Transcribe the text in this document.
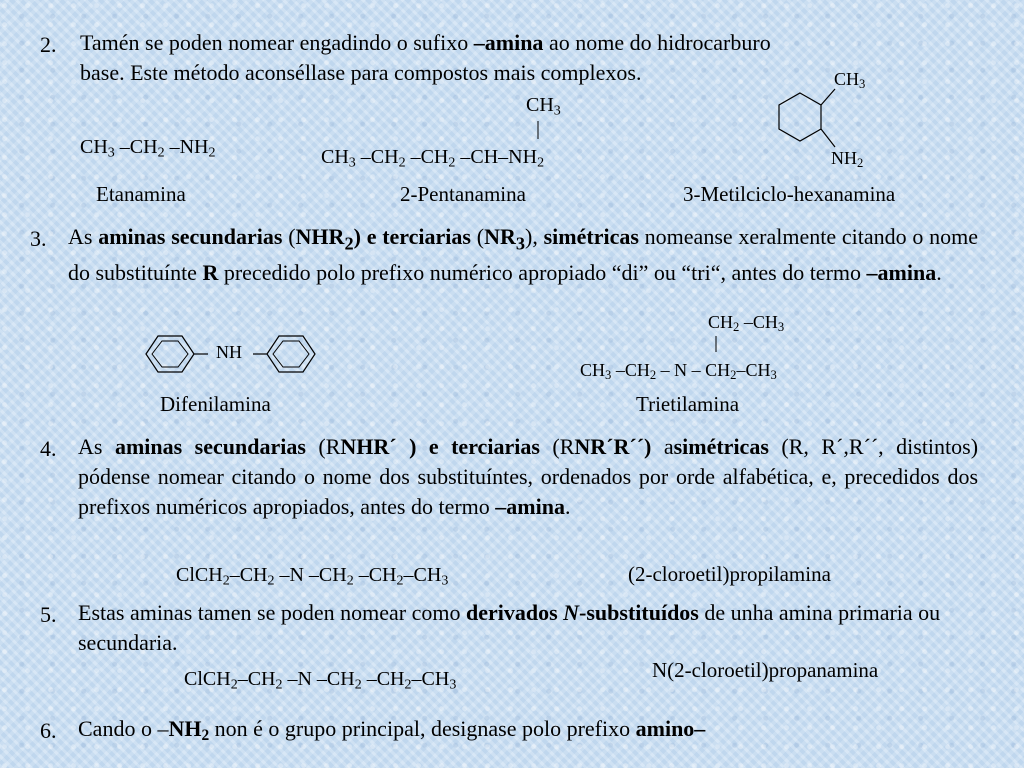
2. Tamén se poden nomear engadindo o sufixo –amina ao nome do hidrocarburo
base. Este método aconséllase para compostos mais complexos.
$CH_3$ $-CH_2$ $-NH_2$
Etanamina
$CH_3$
$CH_3$ $-CH_2$ $-CH_2$ $-CH-NH_2$
2-Pentanamina
$CH_3$
$NH_2$
3-Metilciclo-hexanamina
3. As aminas secundarias $(NHR_2)$ e terciarias $(NR_3)$, simétricas nomeanse xeralmente citando o nome do substituínte R precedido polo prefixo numérico apropiado “di” ou “tri“, antes do termo –amina.
NH
Difenilamina
$CH_2$ $-CH_3$
$CH_3$ $-CH_2$ – N – $CH_2-CH_3$
Trietilamina
4. As aminas secundarias (RNHR´ ) e terciarias (RNR´R´´) asimétricas (R, R´,R´´, distintos) pódense nomear citando o nome dos substituíntes, ordenados por orde alfabética, e, precedidos dos prefixos numéricos apropiados, antes do termo –amina.
$ClCH_2-CH_2$ –N $-CH_2$ $-CH_2-CH_3$	(2-cloroetil)propilamina
5. Estas aminas tamen se poden nomear como derivados N-substituídos de unha amina primaria ou secundaria.
N(2-cloroetil)propanamina
$ClCH_2-CH_2$ –N $-CH_2$ $-CH_2-CH_3$
6. Cando o $-NH_2$ non é o grupo principal, designase polo prefixo amino–
